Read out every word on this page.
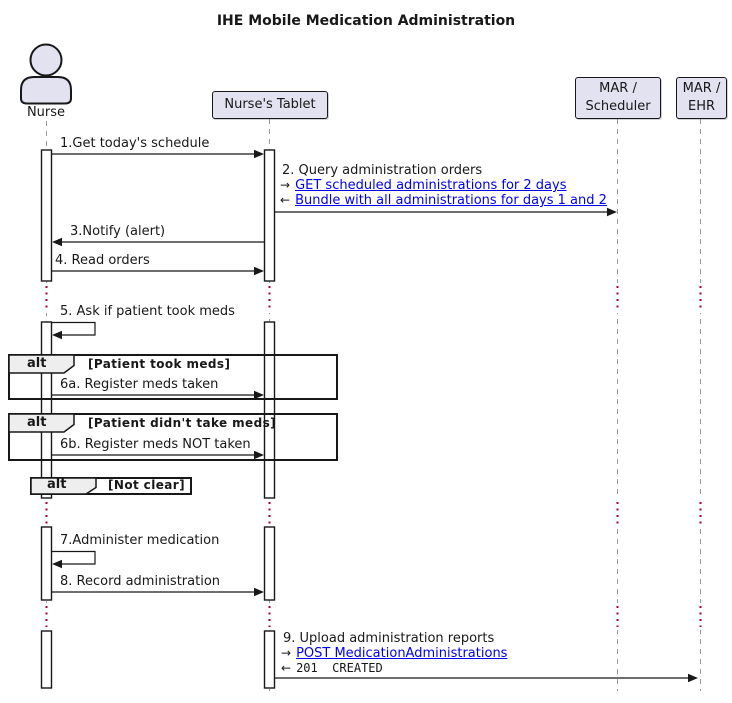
IHE Mobile Medication Administration
Nurse
Nurse's Tablet
MAR /
Scheduler
MAR /
EHR
1.Get today's schedule
2. Query administration orders
→ GET scheduled administrations for 2 days
← Bundle with all administrations for days 1 and 2
3.Notify (alert)
4. Read orders
5. Ask if patient took meds
alt	[Patient took meds]
6a. Register meds taken
alt	[Patient didn't take meds]
6b. Register meds NOT taken
alt	[Not clear]
7.Administer medication
8. Record administration
9. Upload administration reports
→ POST MedicationAdministrations
← 201  CREATED
